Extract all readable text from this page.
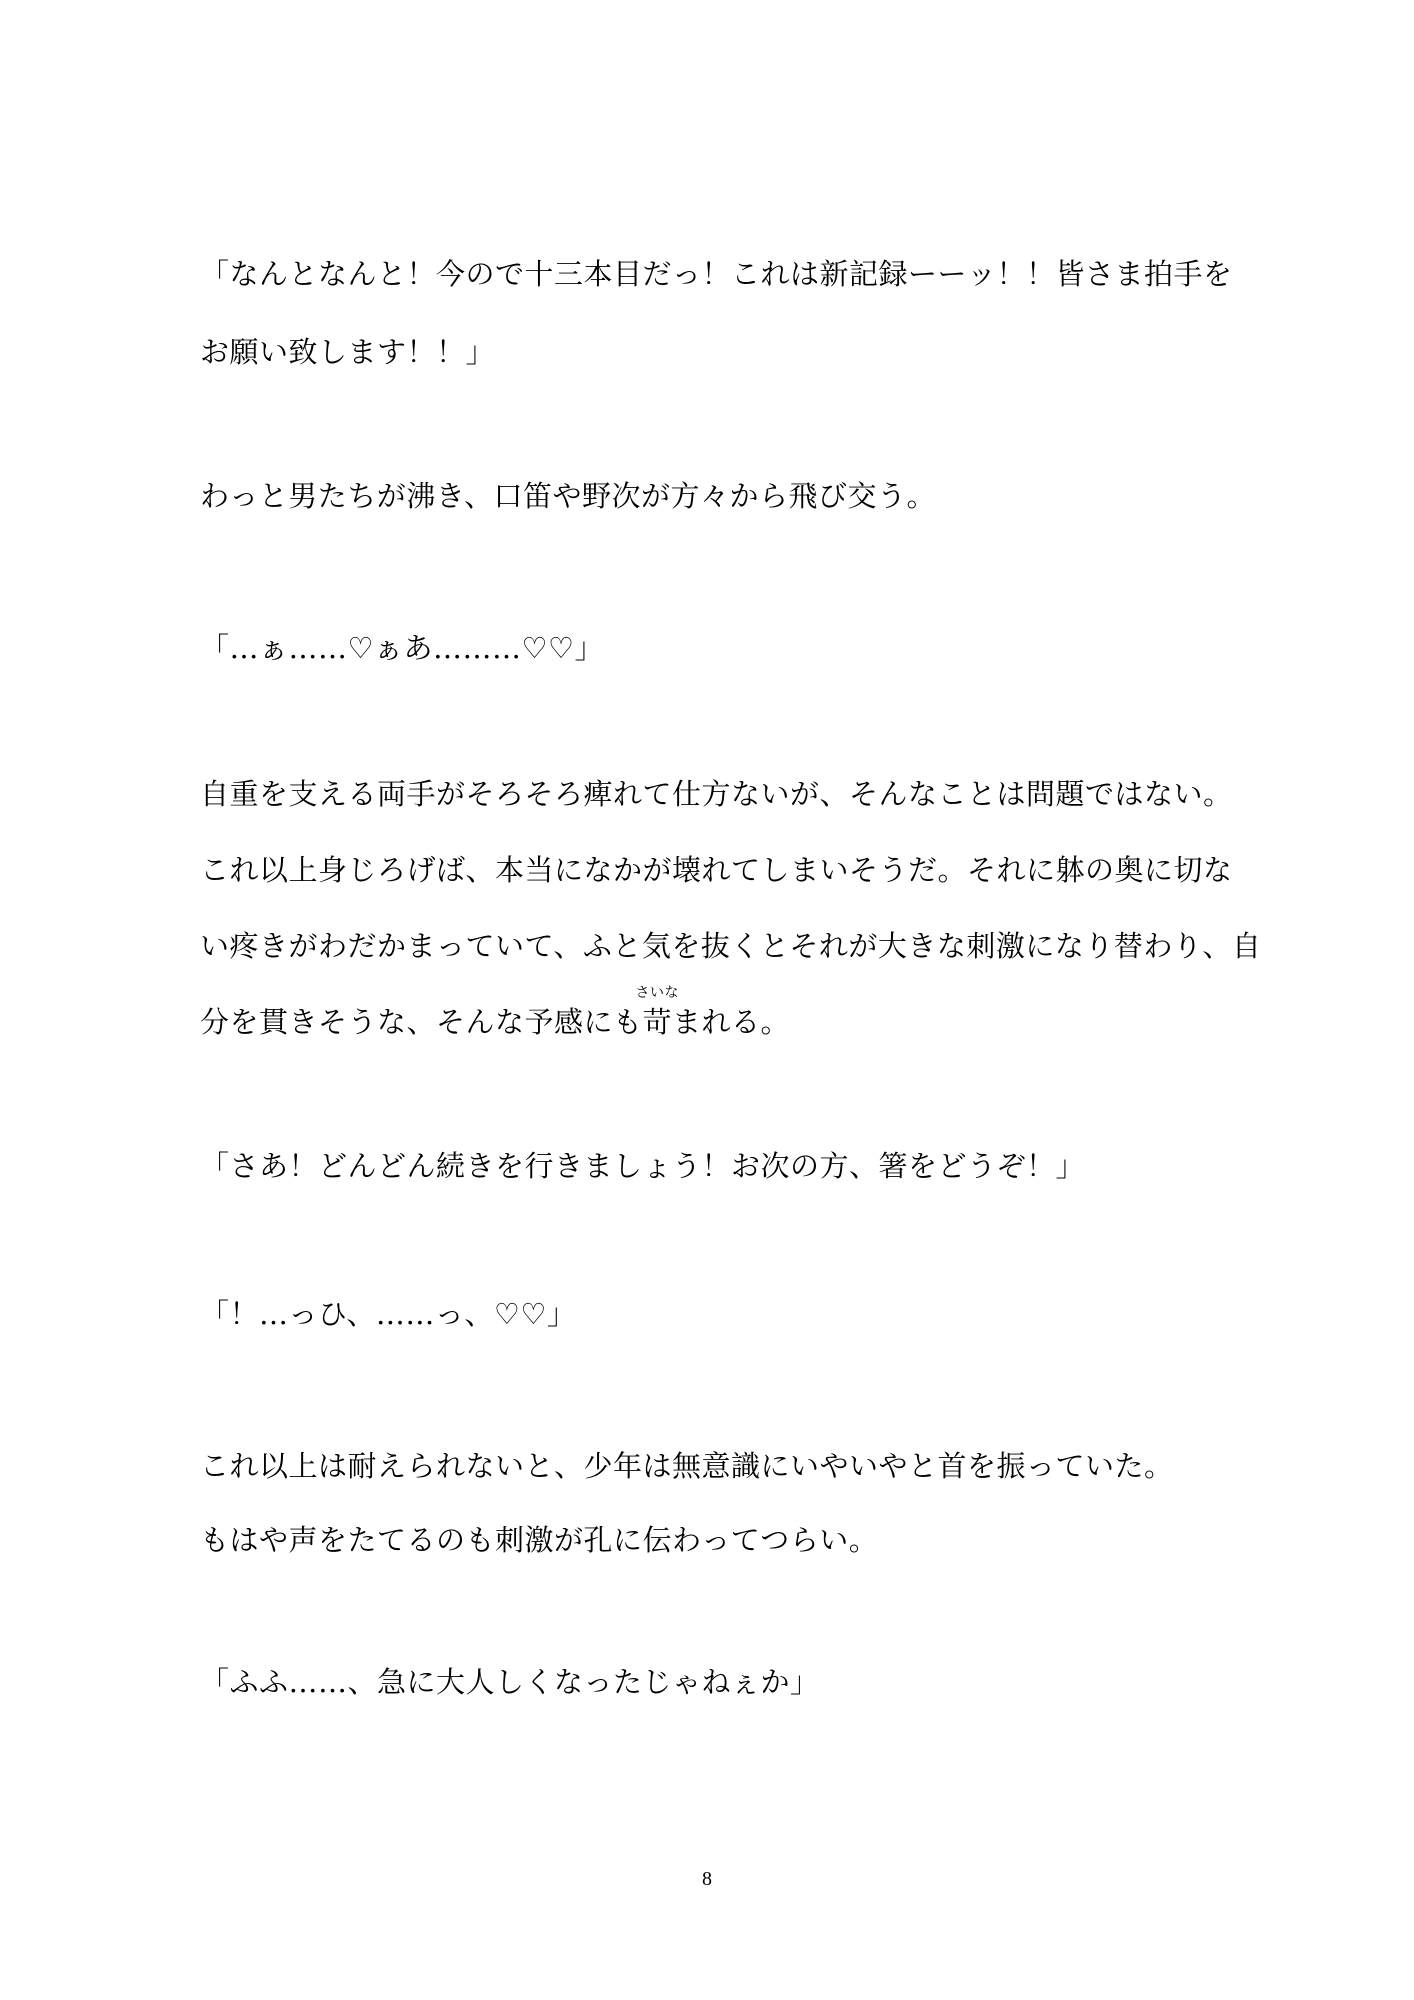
「なんとなんと！今ので十三本目だっ！これは新記録ーーッ！！皆さま拍手を
お願い致します！！」
わっと男たちが沸き、口笛や野次が方々から飛び交う。
「…ぁ……♡ぁあ………♡♡」
自重を支える両手がそろそろ痺れて仕方ないが、そんなことは問題ではない。
これ以上身じろげば、本当になかが壊れてしまいそうだ。それに躰の奥に切な
い疼きがわだかまっていて、ふと気を抜くとそれが大きな刺激になり替わり、自
分を貫きそうな、そんな予感にも
さいな
苛まれる。
「さあ！どんどん続きを行きましょう！お次の方、箸をどうぞ！」
「！…っひ、……っ、♡♡」
これ以上は耐えられないと、少年は無意識にいやいやと首を振っていた。
もはや声をたてるのも刺激が孔に伝わってつらい。
「ふふ……、急に大人しくなったじゃねぇか」
8
